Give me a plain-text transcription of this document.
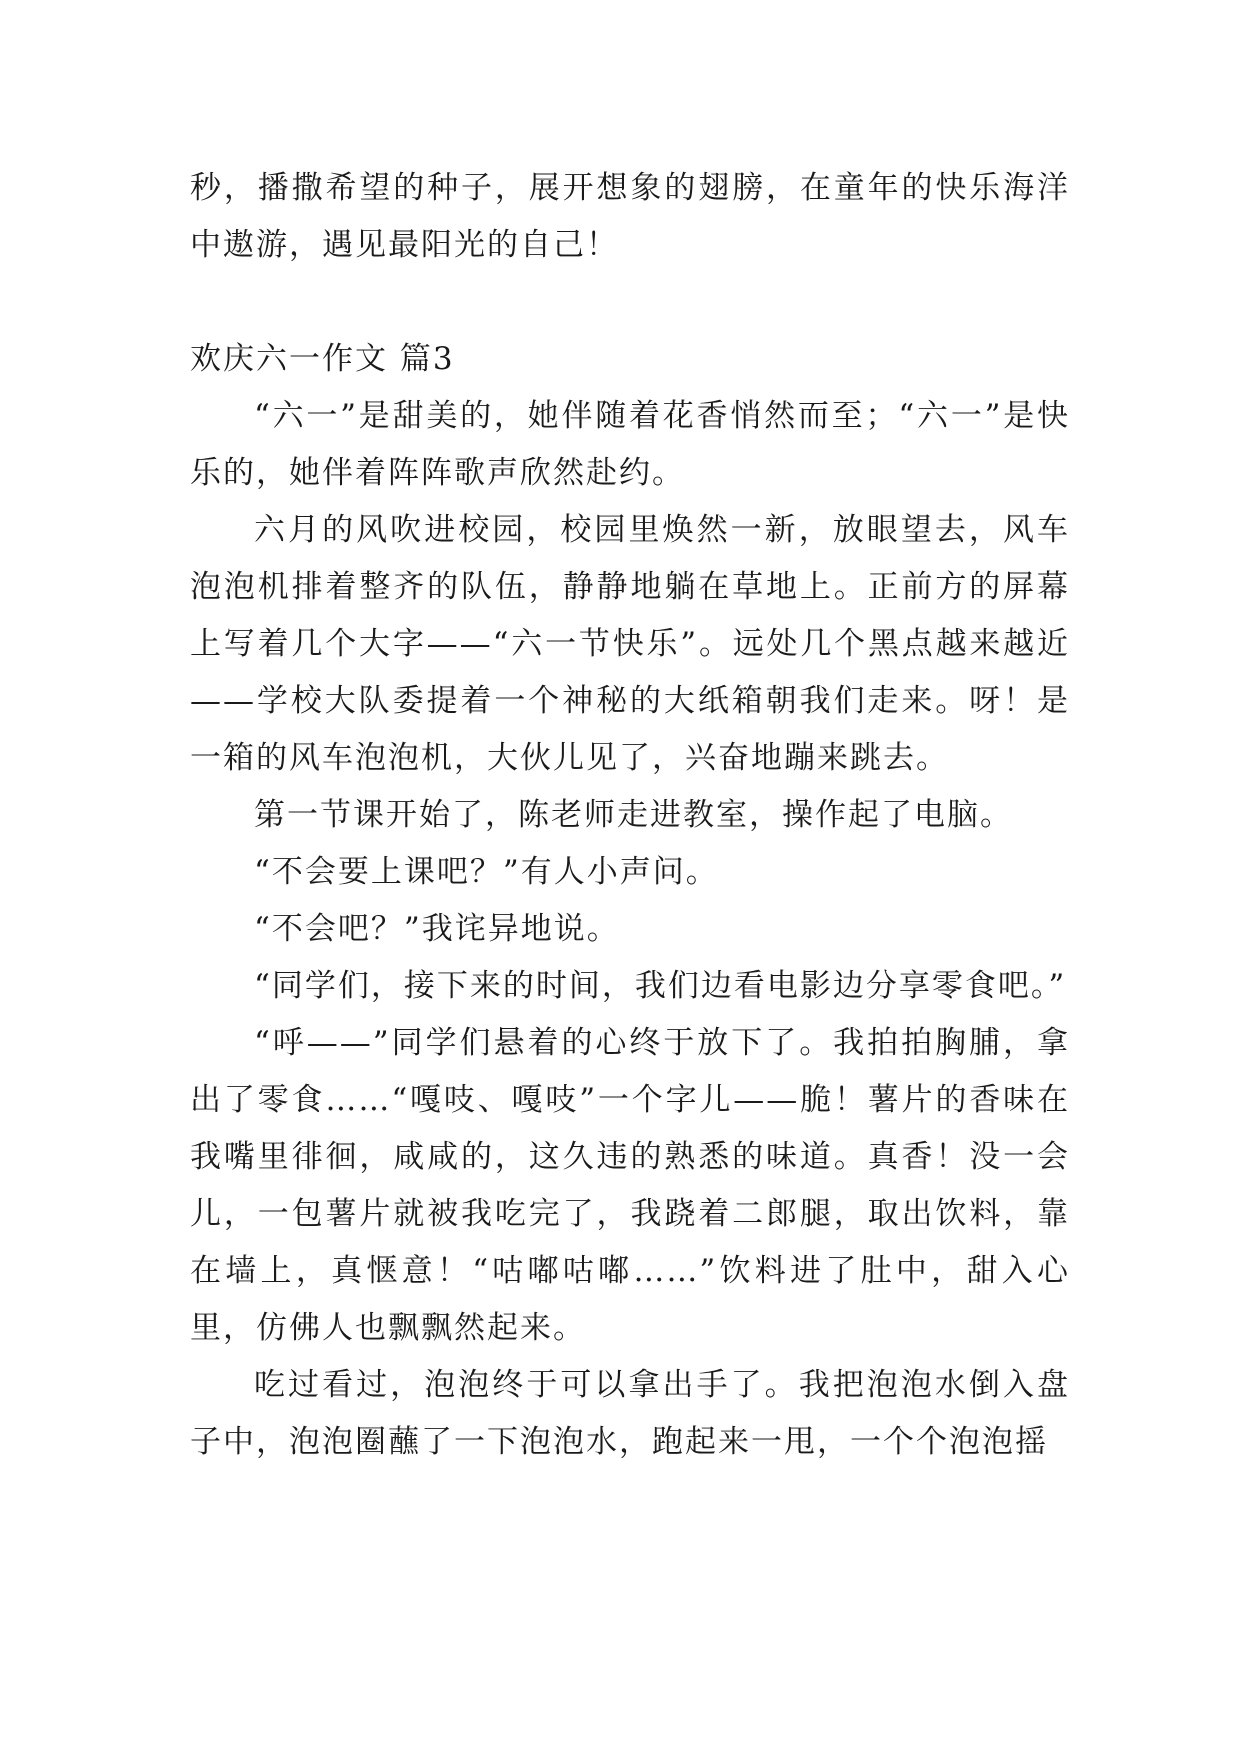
秒，播撒希望的种子，展开想象的翅膀，在童年的快乐海洋中遨游，遇见最阳光的自己！

欢庆六一作文 篇3

“六一”是甜美的，她伴随着花香悄然而至；“六一”是快乐的，她伴着阵阵歌声欣然赴约。

六月的风吹进校园，校园里焕然一新，放眼望去，风车泡泡机排着整齐的队伍，静静地躺在草地上。正前方的屏幕上写着几个大字——“六一节快乐”。远处几个黑点越来越近——学校大队委提着一个神秘的大纸箱朝我们走来。呀！是一箱的风车泡泡机，大伙儿见了，兴奋地蹦来跳去。

第一节课开始了，陈老师走进教室，操作起了电脑。

“不会要上课吧？”有人小声问。

“不会吧？”我诧异地说。

“同学们，接下来的时间，我们边看电影边分享零食吧。”

“呼——”同学们悬着的心终于放下了。我拍拍胸脯，拿出了零食……“嘎吱、嘎吱”一个字儿——脆！薯片的香味在我嘴里徘徊，咸咸的，这久违的熟悉的味道。真香！没一会儿，一包薯片就被我吃完了，我跷着二郎腿，取出饮料，靠在墙上，真惬意！“咕嘟咕嘟……”饮料进了肚中，甜入心里，仿佛人也飘飘然起来。

吃过看过，泡泡终于可以拿出手了。我把泡泡水倒入盘子中，泡泡圈蘸了一下泡泡水，跑起来一甩，一个个泡泡摇
